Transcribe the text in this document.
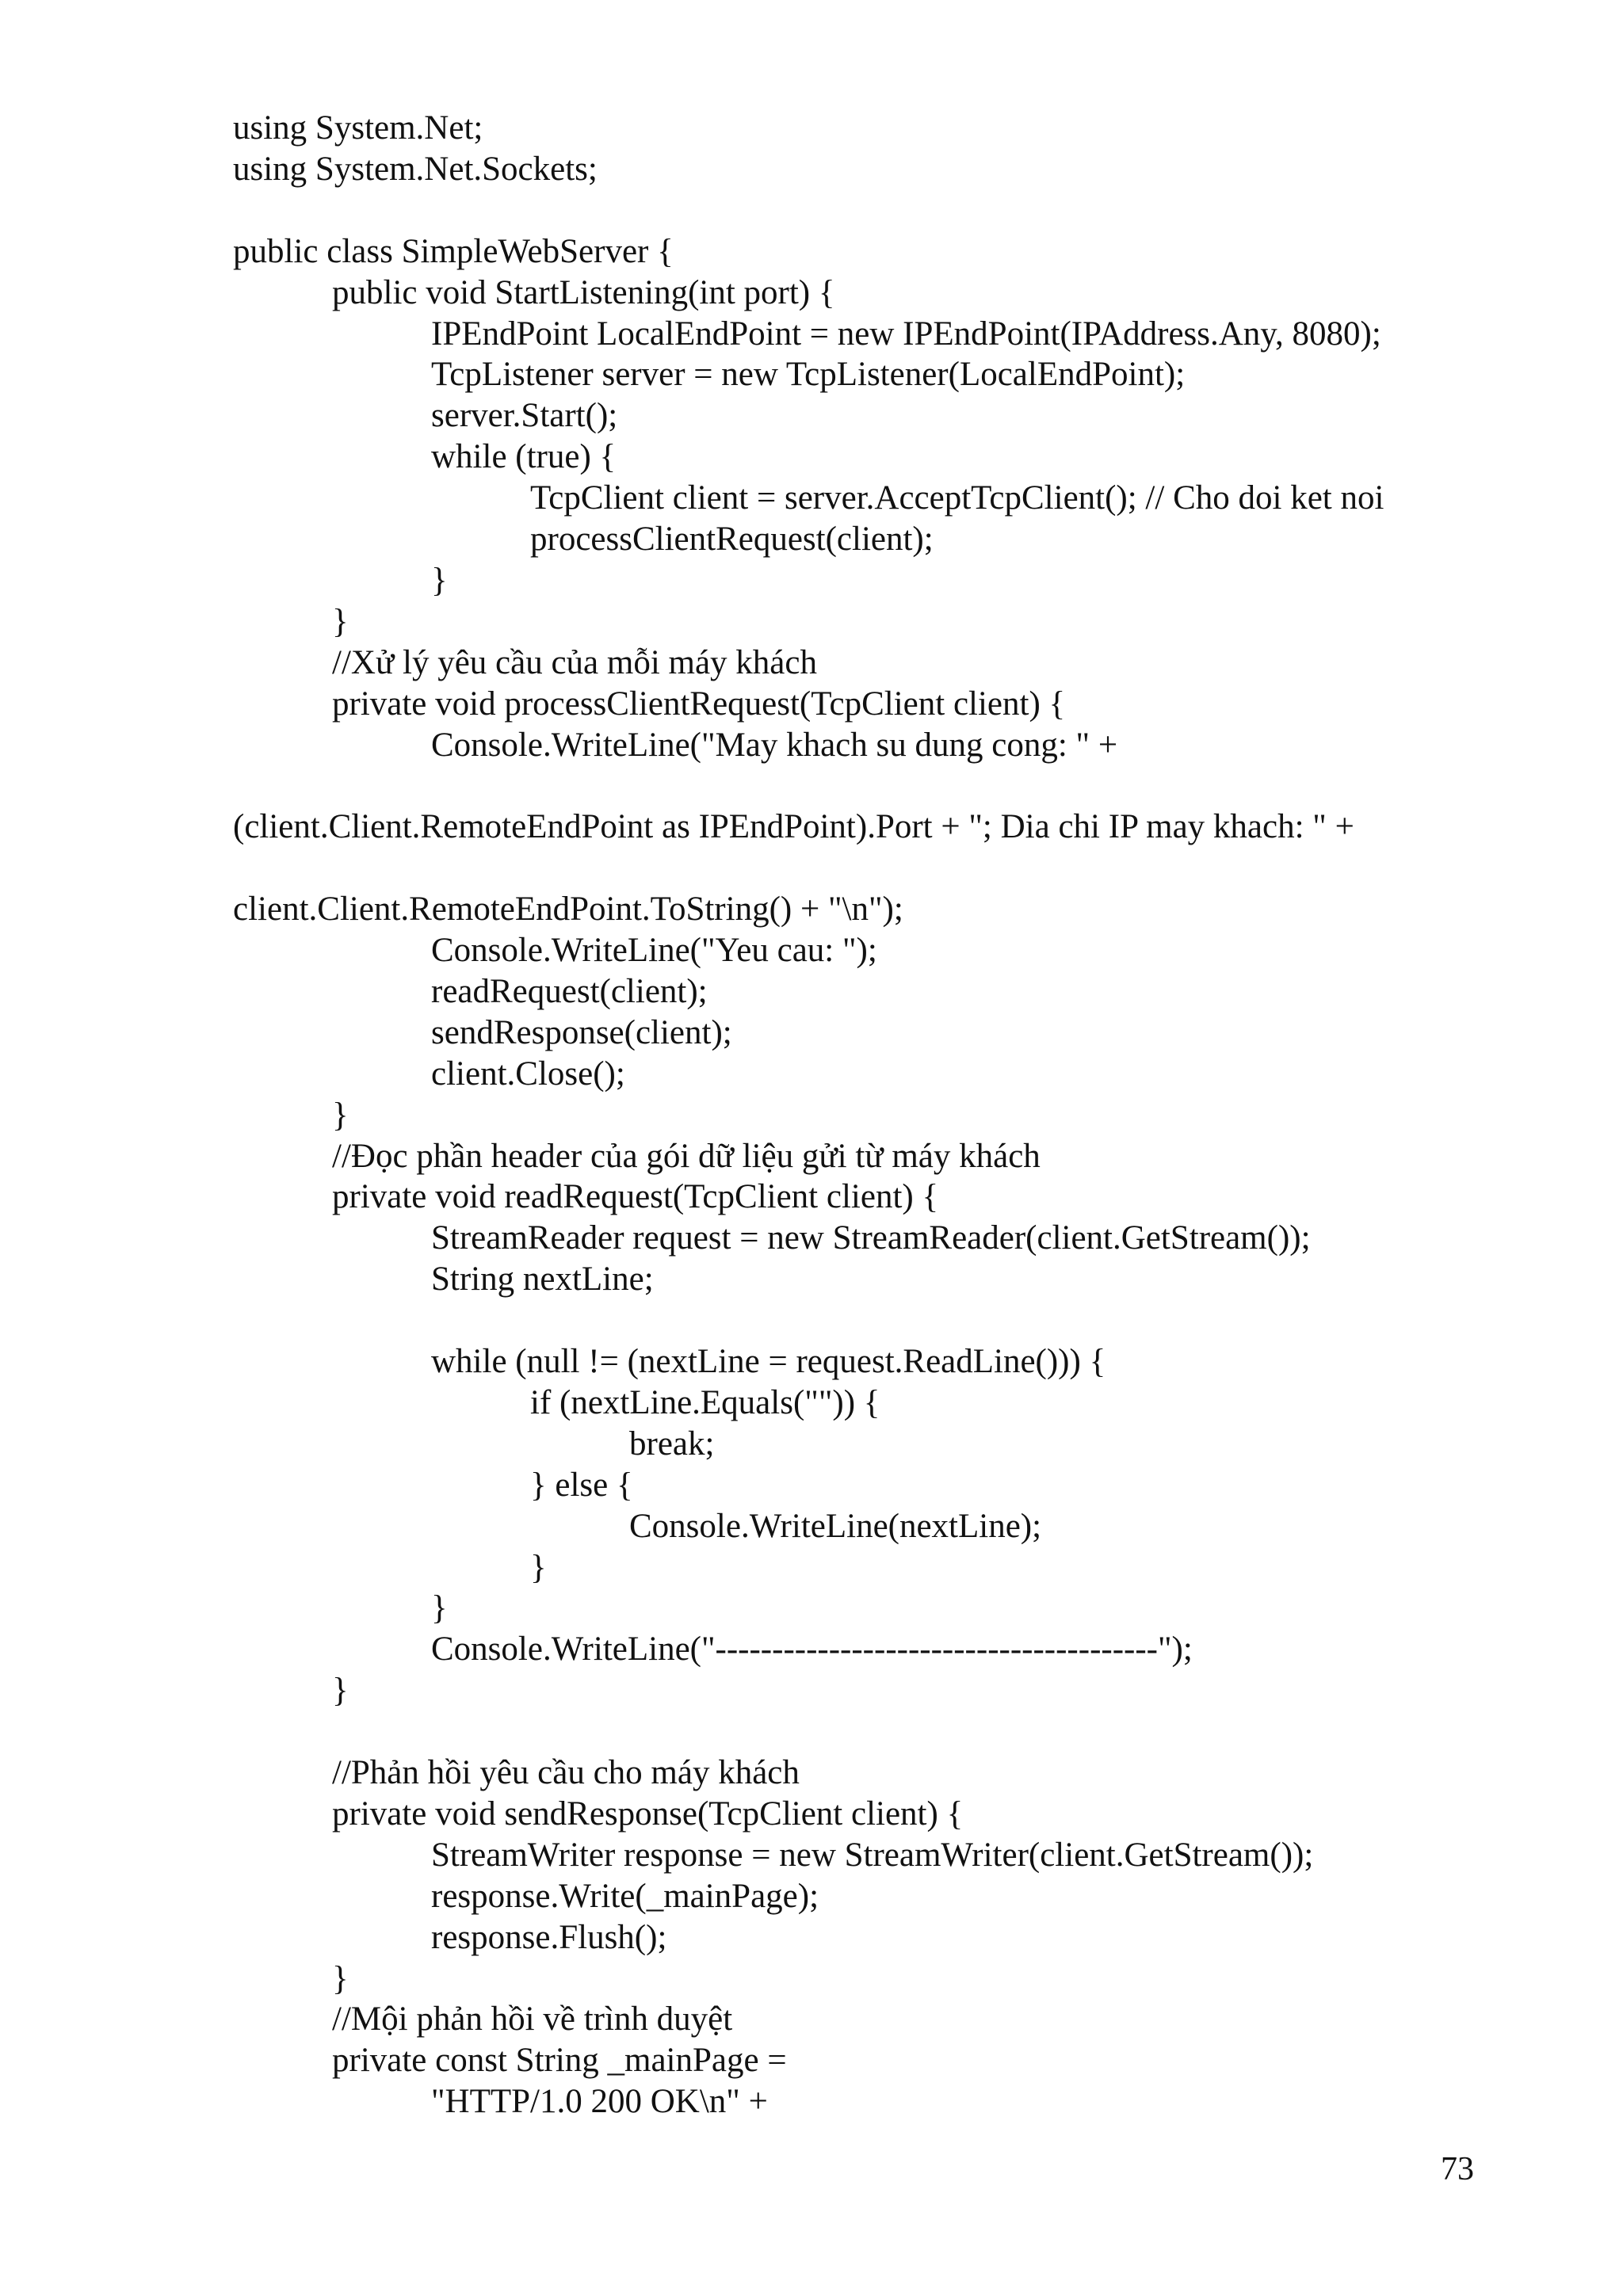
using System.Net;
using System.Net.Sockets;
public class SimpleWebServer {
public void StartListening(int port) {
IPEndPoint LocalEndPoint = new IPEndPoint(IPAddress.Any, 8080);
TcpListener server = new TcpListener(LocalEndPoint);
server.Start();
while (true) {
TcpClient client = server.AcceptTcpClient(); // Cho doi ket noi
processClientRequest(client);
}
}
//Xử lý yêu cầu của mỗi máy khách
private void processClientRequest(TcpClient client) {
Console.WriteLine("May khach su dung cong: " +
(client.Client.RemoteEndPoint as IPEndPoint).Port + "; Dia chi IP may khach: " +
client.Client.RemoteEndPoint.ToString() + "\n");
Console.WriteLine("Yeu cau: ");
readRequest(client);
sendResponse(client);
client.Close();
}
//Đọc phần header của gói dữ liệu gửi từ máy khách
private void readRequest(TcpClient client) {
StreamReader request = new StreamReader(client.GetStream());
String nextLine;
while (null != (nextLine = request.ReadLine())) {
if (nextLine.Equals("")) {
break;
} else {
Console.WriteLine(nextLine);
}
}
Console.WriteLine("---------------------------------------");
}
//Phản hồi yêu cầu cho máy khách
private void sendResponse(TcpClient client) {
StreamWriter response = new StreamWriter(client.GetStream());
response.Write(_mainPage);
response.Flush();
}
//Mội phản hồi về trình duyệt
private const String _mainPage =
"HTTP/1.0 200 OK\n" +
73
